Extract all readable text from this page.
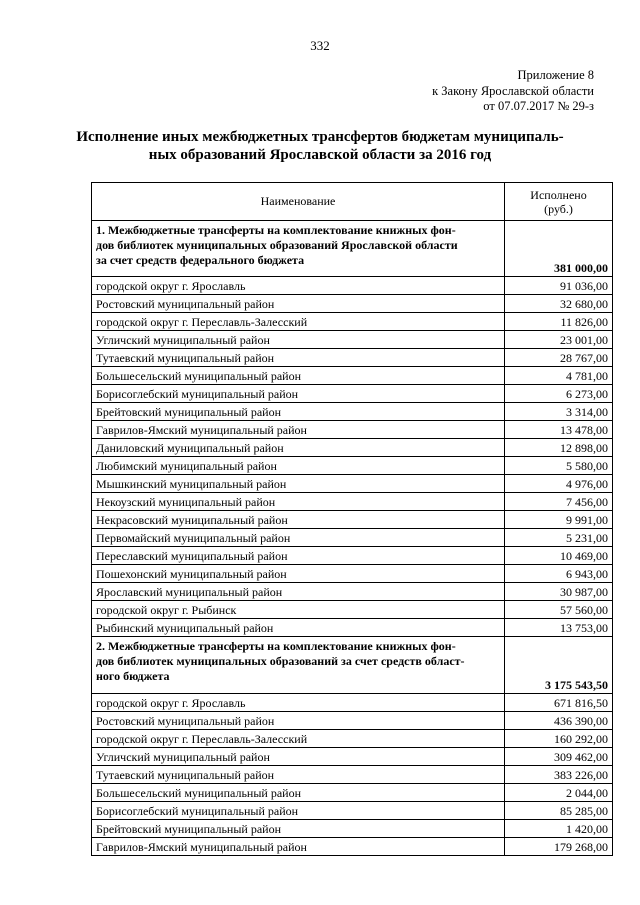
332
Приложение 8
к Закону Ярославской области
от 07.07.2017 № 29-з
Исполнение иных межбюджетных трансфертов бюджетам муниципаль-
ных образований Ярославской области за 2016 год
Наименование	Исполнено
(руб.)

1. Межбюджетные трансферты на комплектование книжных фон-
дов библиотек муниципальных образований Ярославской области
за счет средств федерального бюджета	381 000,00
городской округ г. Ярославль	91 036,00
Ростовский муниципальный район	32 680,00
городской округ г. Переславль-Залесский	11 826,00
Угличский муниципальный район	23 001,00
Тутаевский муниципальный район	28 767,00
Большесельский муниципальный район	4 781,00
Борисоглебский муниципальный район	6 273,00
Брейтовский муниципальный район	3 314,00
Гаврилов-Ямский муниципальный район	13 478,00
Даниловский муниципальный район	12 898,00
Любимский муниципальный район	5 580,00
Мышкинский муниципальный район	4 976,00
Некоузский муниципальный район	7 456,00
Некрасовский муниципальный район	9 991,00
Первомайский муниципальный район	5 231,00
Переславский муниципальный район	10 469,00
Пошехонский муниципальный район	6 943,00
Ярославский муниципальный район	30 987,00
городской округ г. Рыбинск	57 560,00
Рыбинский муниципальный район	13 753,00

2. Межбюджетные трансферты на комплектование книжных фон-
дов библиотек муниципальных образований за счет средств област-
ного бюджета	3 175 543,50
городской округ г. Ярославль	671 816,50
Ростовский муниципальный район	436 390,00
городской округ г. Переславль-Залесский	160 292,00
Угличский муниципальный район	309 462,00
Тутаевский муниципальный район	383 226,00
Большесельский муниципальный район	2 044,00
Борисоглебский муниципальный район	85 285,00
Брейтовский муниципальный район	1 420,00
Гаврилов-Ямский муниципальный район	179 268,00
